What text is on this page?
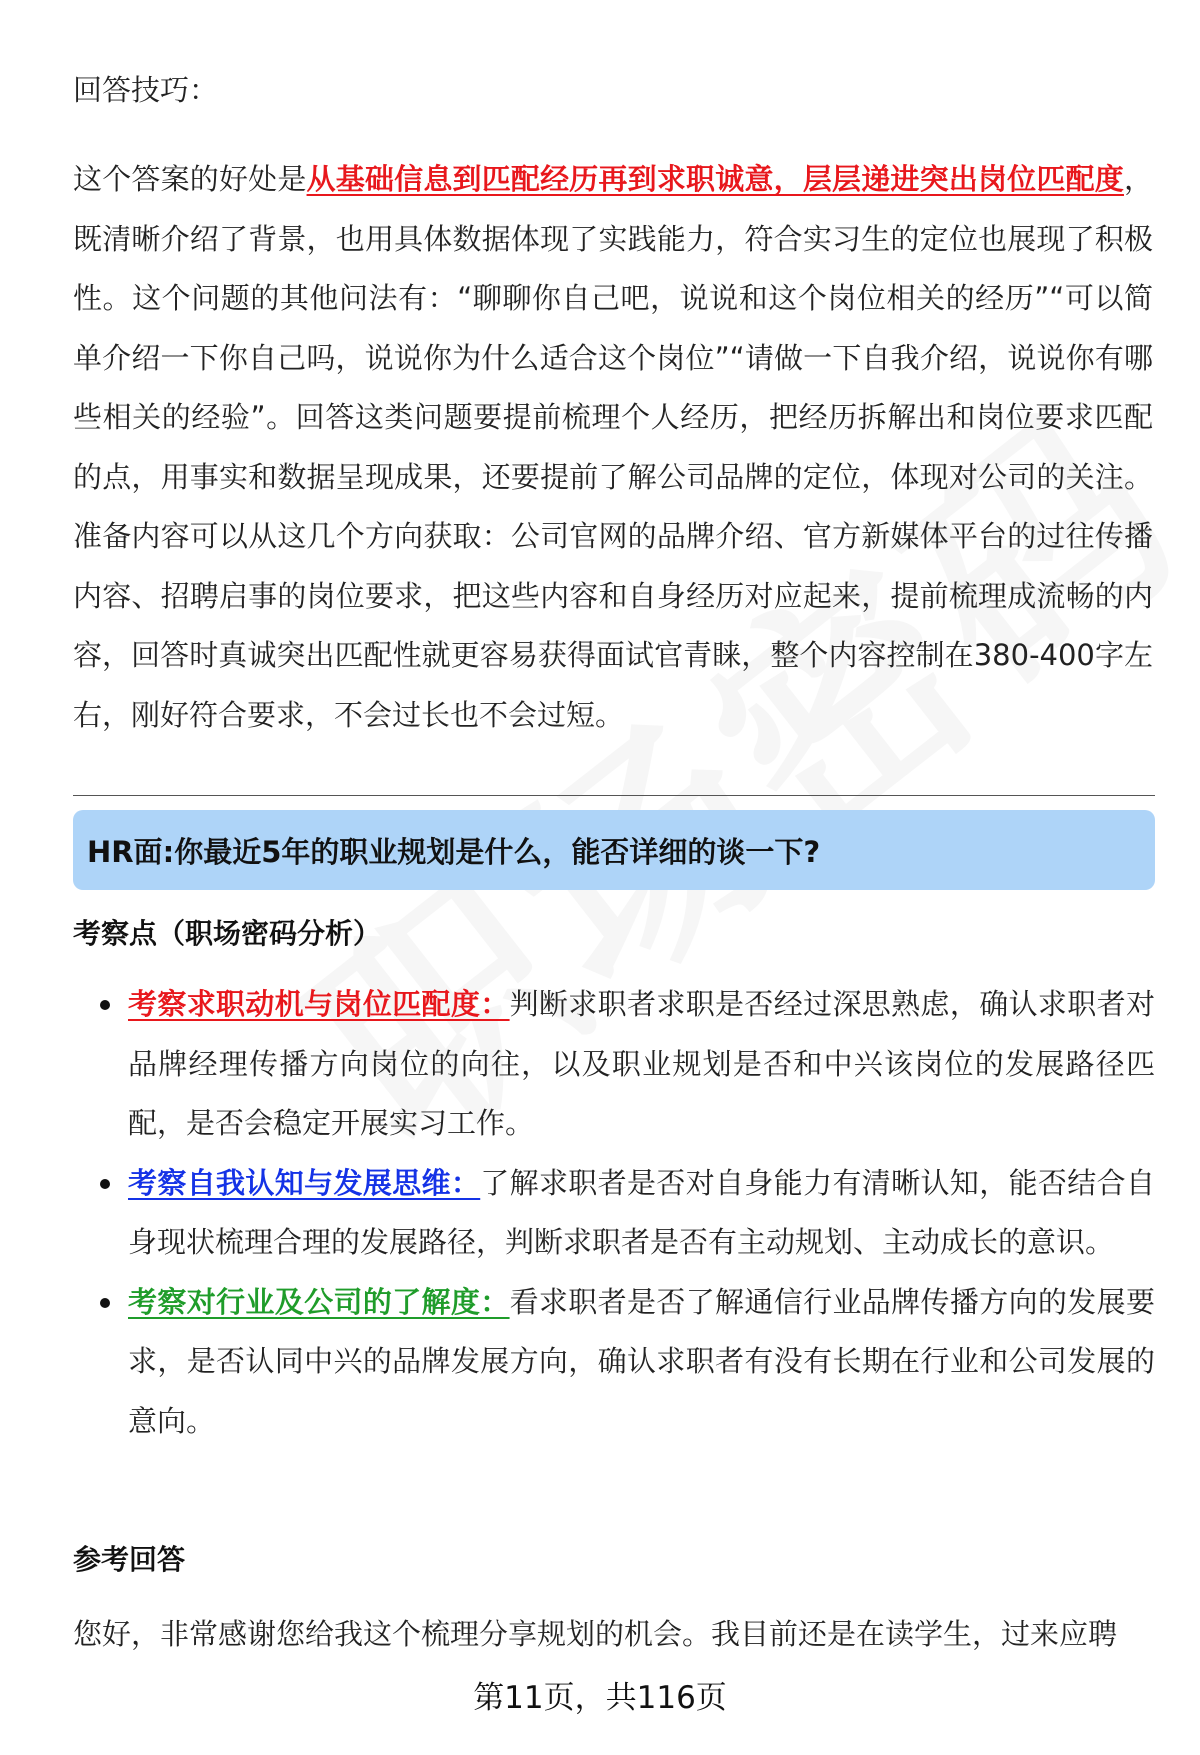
回答技巧：
这个答案的好处是从基础信息到匹配经历再到求职诚意，层层递进突出岗位匹配度，既清晰介绍了背景，也用具体数据体现了实践能力，符合实习生的定位也展现了积极性。这个问题的其他问法有：“聊聊你自己吧，说说和这个岗位相关的经历”“可以简单介绍一下你自己吗，说说你为什么适合这个岗位”“请做一下自我介绍，说说你有哪些相关的经验”。回答这类问题要提前梳理个人经历，把经历拆解出和岗位要求匹配的点，用事实和数据呈现成果，还要提前了解公司品牌的定位，体现对公司的关注。准备内容可以从这几个方向获取：公司官网的品牌介绍、官方新媒体平台的过往传播内容、招聘启事的岗位要求，把这些内容和自身经历对应起来，提前梳理成流畅的内容，回答时真诚突出匹配性就更容易获得面试官青睐，整个内容控制在380-400字左右，刚好符合要求，不会过长也不会过短。
HR面:你最近5年的职业规划是什么，能否详细的谈一下?
考察点（职场密码分析）
考察求职动机与岗位匹配度：判断求职者求职是否经过深思熟虑，确认求职者对品牌经理传播方向岗位的向往，以及职业规划是否和中兴该岗位的发展路径匹配，是否会稳定开展实习工作。
考察自我认知与发展思维：了解求职者是否对自身能力有清晰认知，能否结合自身现状梳理合理的发展路径，判断求职者是否有主动规划、主动成长的意识。
考察对行业及公司的了解度：看求职者是否了解通信行业品牌传播方向的发展要求，是否认同中兴的品牌发展方向，确认求职者有没有长期在行业和公司发展的意向。
参考回答
您好，非常感谢您给我这个梳理分享规划的机会。我目前还是在读学生，过来应聘
第11页，共116页
